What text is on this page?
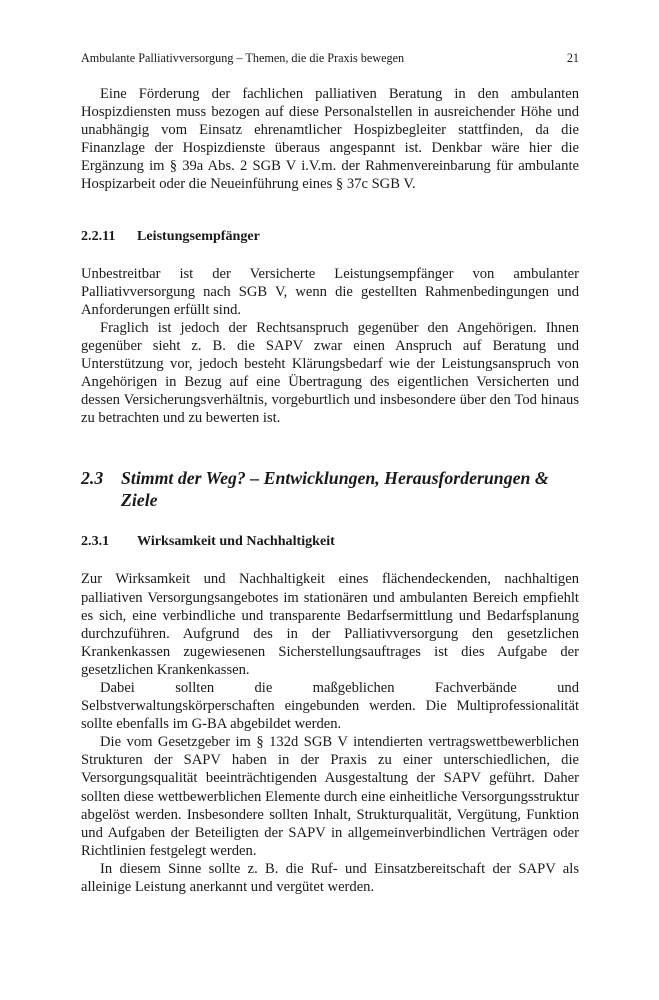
Ambulante Palliativversorgung – Themen, die die Praxis bewegen	21

Eine Förderung der fachlichen palliativen Beratung in den ambulanten Hospizdiensten muss bezogen auf diese Personalstellen in ausreichender Höhe und unabhängig vom Einsatz ehrenamtlicher Hospizbegleiter stattfinden, da die Finanzlage der Hospizdienste überaus angespannt ist. Denkbar wäre hier die Ergänzung im § 39a Abs. 2 SGB V i.V.m. der Rahmenvereinbarung für ambulante Hospizarbeit oder die Neueinführung eines § 37c SGB V.

2.2.11 Leistungsempfänger

Unbestreitbar ist der Versicherte Leistungsempfänger von ambulanter Palliativversorgung nach SGB V, wenn die gestellten Rahmenbedingungen und Anforderungen erfüllt sind.

Fraglich ist jedoch der Rechtsanspruch gegenüber den Angehörigen. Ihnen gegenüber sieht z. B. die SAPV zwar einen Anspruch auf Beratung und Unterstützung vor, jedoch besteht Klärungsbedarf wie der Leistungsanspruch von Angehörigen in Bezug auf eine Übertragung des eigentlichen Versicherten und dessen Versicherungsverhältnis, vorgeburtlich und insbesondere über den Tod hinaus zu betrachten und zu bewerten ist.

2.3 Stimmt der Weg? – Entwicklungen, Herausforderungen & Ziele
2.3.1 Wirksamkeit und Nachhaltigkeit

Zur Wirksamkeit und Nachhaltigkeit eines flächendeckenden, nachhaltigen palliativen Versorgungsangebotes im stationären und ambulanten Bereich empfiehlt es sich, eine verbindliche und transparente Bedarfsermittlung und Bedarfsplanung durchzuführen. Aufgrund des in der Palliativversorgung den gesetzlichen Krankenkassen zugewiesenen Sicherstellungsauftrages ist dies Aufgabe der gesetzlichen Krankenkassen.

Dabei sollten die maßgeblichen Fachverbände und Selbstverwaltungskörperschaften eingebunden werden. Die Multiprofessionalität sollte ebenfalls im G-BA abgebildet werden.

Die vom Gesetzgeber im § 132d SGB V intendierten vertragswettbewerblichen Strukturen der SAPV haben in der Praxis zu einer unterschiedlichen, die Versorgungsqualität beeinträchtigenden Ausgestaltung der SAPV geführt. Daher sollten diese wettbewerblichen Elemente durch eine einheitliche Versorgungsstruktur abgelöst werden. Insbesondere sollten Inhalt, Strukturqualität, Vergütung, Funktion und Aufgaben der Beteiligten der SAPV in allgemeinverbindlichen Verträgen oder Richtlinien festgelegt werden.

In diesem Sinne sollte z. B. die Ruf- und Einsatzbereitschaft der SAPV als alleinige Leistung anerkannt und vergütet werden.
